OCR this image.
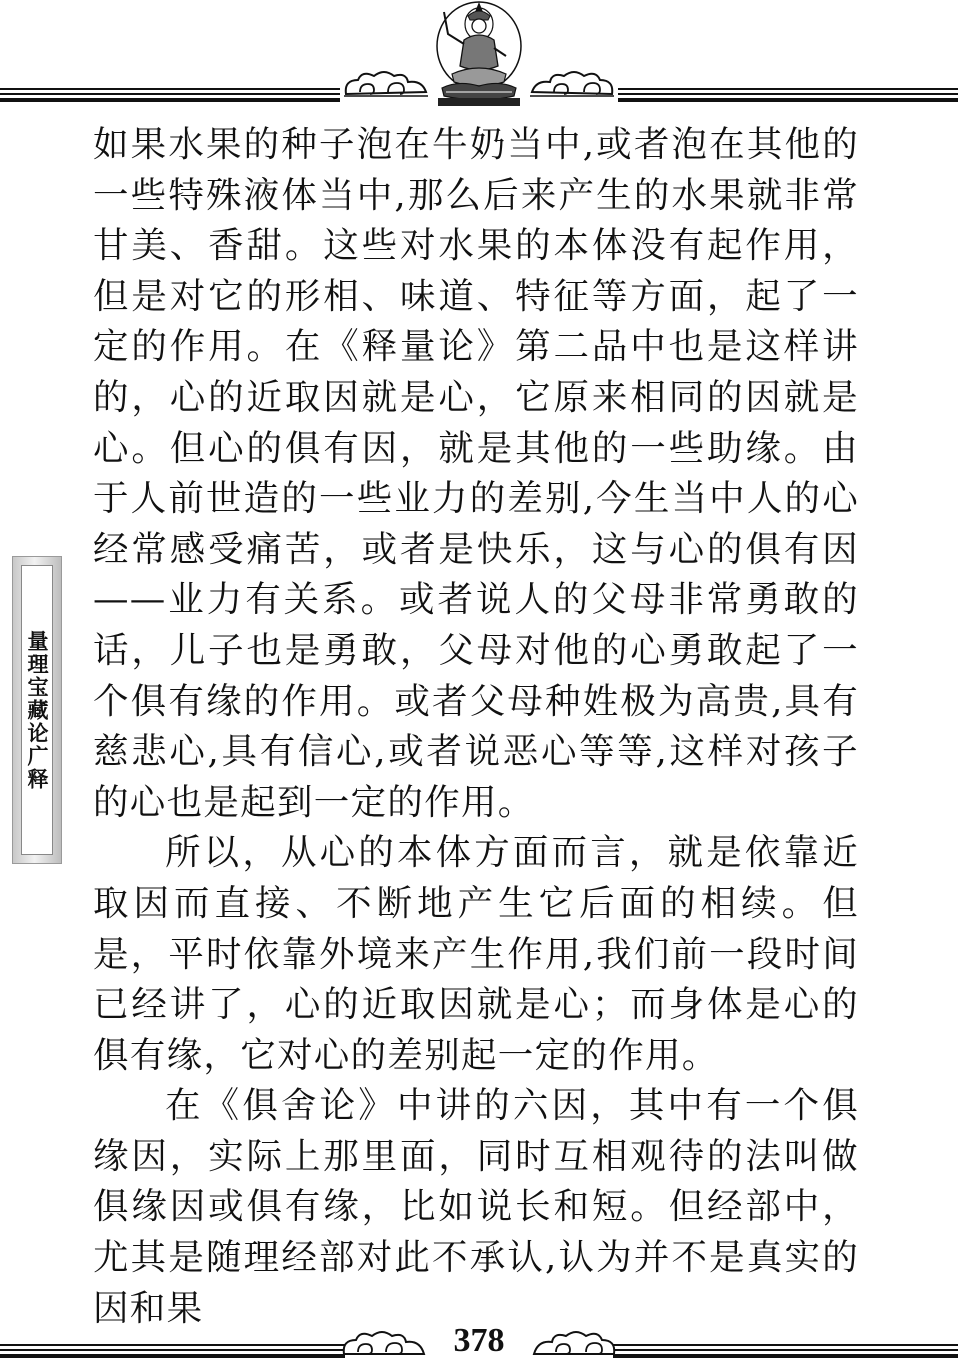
量理宝藏论广释

如果水果的种子泡在牛奶当中,或者泡在其他的一些特殊液体当中,那么后来产生的水果就非常甘美、香甜。这些对水果的本体没有起作用，但是对它的形相、味道、特征等方面，起了一定的作用。在《释量论》第二品中也是这样讲的，心的近取因就是心，它原来相同的因就是心。但心的俱有因，就是其他的一些助缘。由于人前世造的一些业力的差别,今生当中人的心经常感受痛苦，或者是快乐，这与心的俱有因——业力有关系。或者说人的父母非常勇敢的话，儿子也是勇敢，父母对他的心勇敢起了一个俱有缘的作用。或者父母种姓极为高贵,具有慈悲心,具有信心,或者说恶心等等,这样对孩子的心也是起到一定的作用。

所以，从心的本体方面而言，就是依靠近取因而直接、不断地产生它后面的相续。但是，平时依靠外境来产生作用,我们前一段时间已经讲了，心的近取因就是心；而身体是心的俱有缘，它对心的差别起一定的作用。

在《俱舍论》中讲的六因，其中有一个俱缘因，实际上那里面，同时互相观待的法叫做俱缘因或俱有缘，比如说长和短。但经部中，尤其是随理经部对此不承认,认为并不是真实的因和果

378
